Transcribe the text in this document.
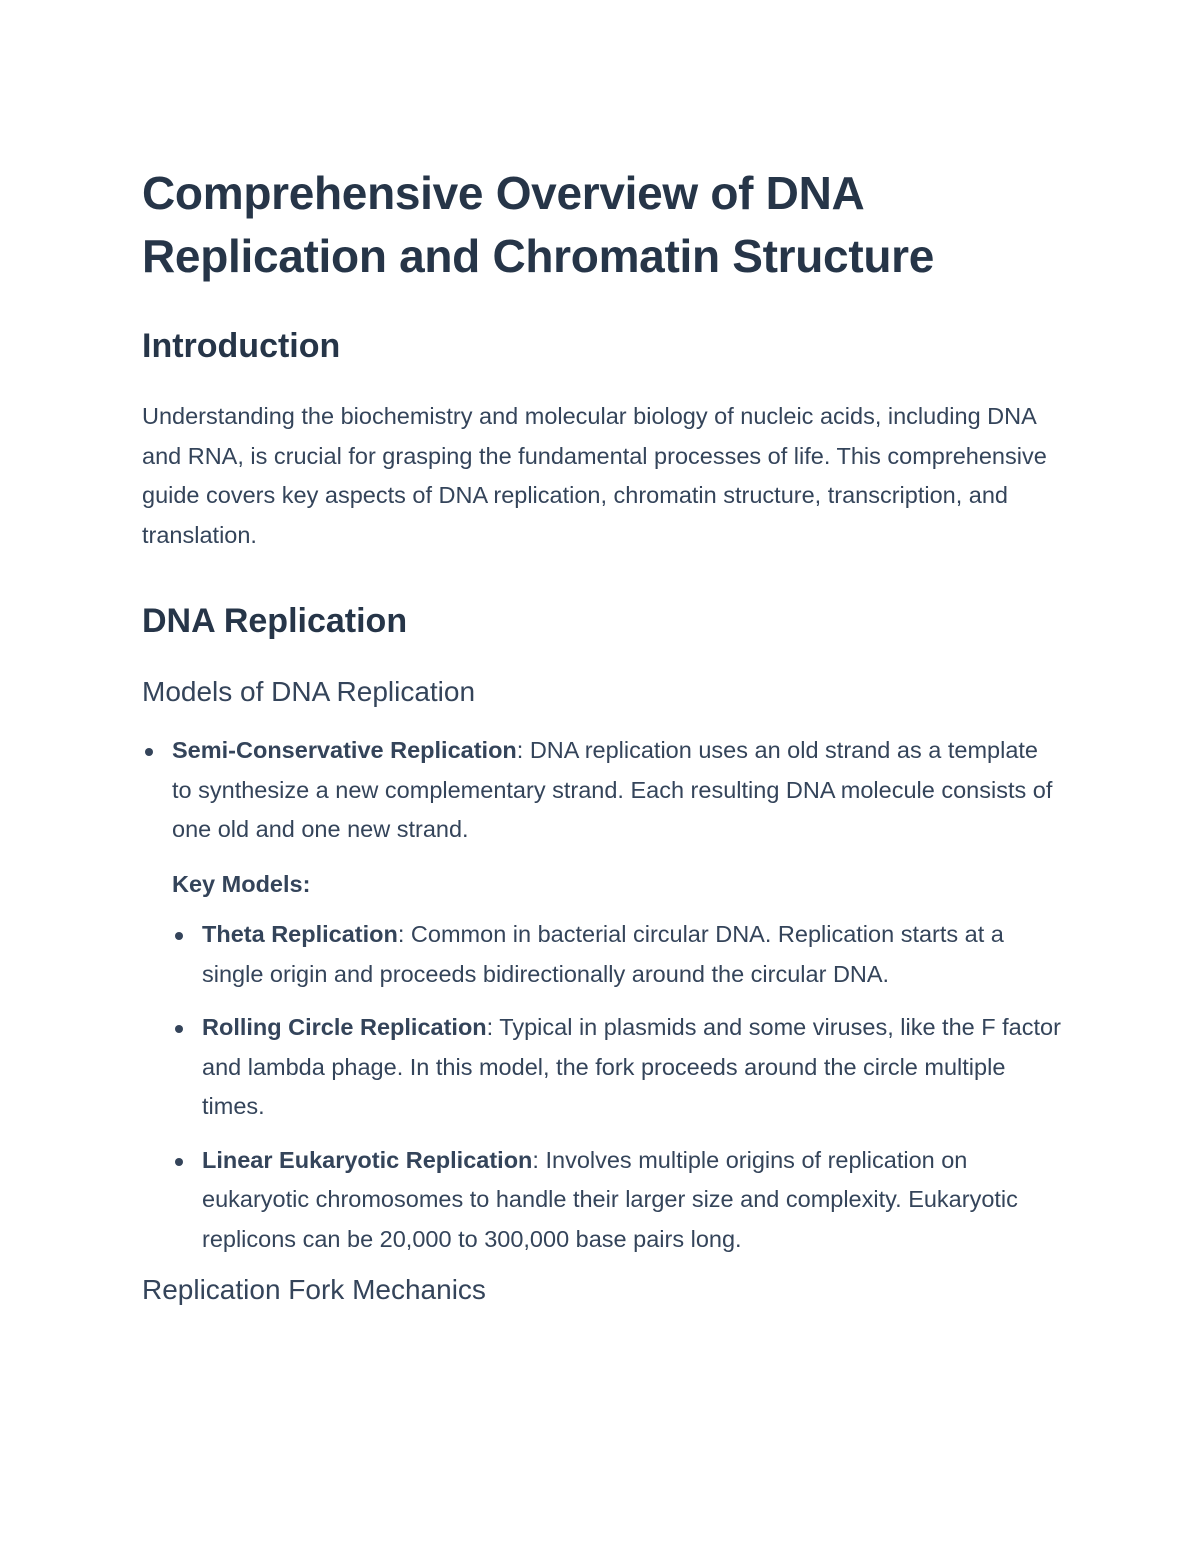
Comprehensive Overview of DNA Replication and Chromatin Structure
Introduction

Understanding the biochemistry and molecular biology of nucleic acids, including DNA and RNA, is crucial for grasping the fundamental processes of life. This comprehensive guide covers key aspects of DNA replication, chromatin structure, transcription, and translation.

DNA Replication
Models of DNA Replication
Semi-Conservative Replication: DNA replication uses an old strand as a template to synthesize a new complementary strand. Each resulting DNA molecule consists of one old and one new strand.
Key Models:
Theta Replication: Common in bacterial circular DNA. Replication starts at a single origin and proceeds bidirectionally around the circular DNA.
Rolling Circle Replication: Typical in plasmids and some viruses, like the F factor and lambda phage. In this model, the fork proceeds around the circle multiple times.
Linear Eukaryotic Replication: Involves multiple origins of replication on eukaryotic chromosomes to handle their larger size and complexity. Eukaryotic replicons can be 20,000 to 300,000 base pairs long.
Replication Fork Mechanics
